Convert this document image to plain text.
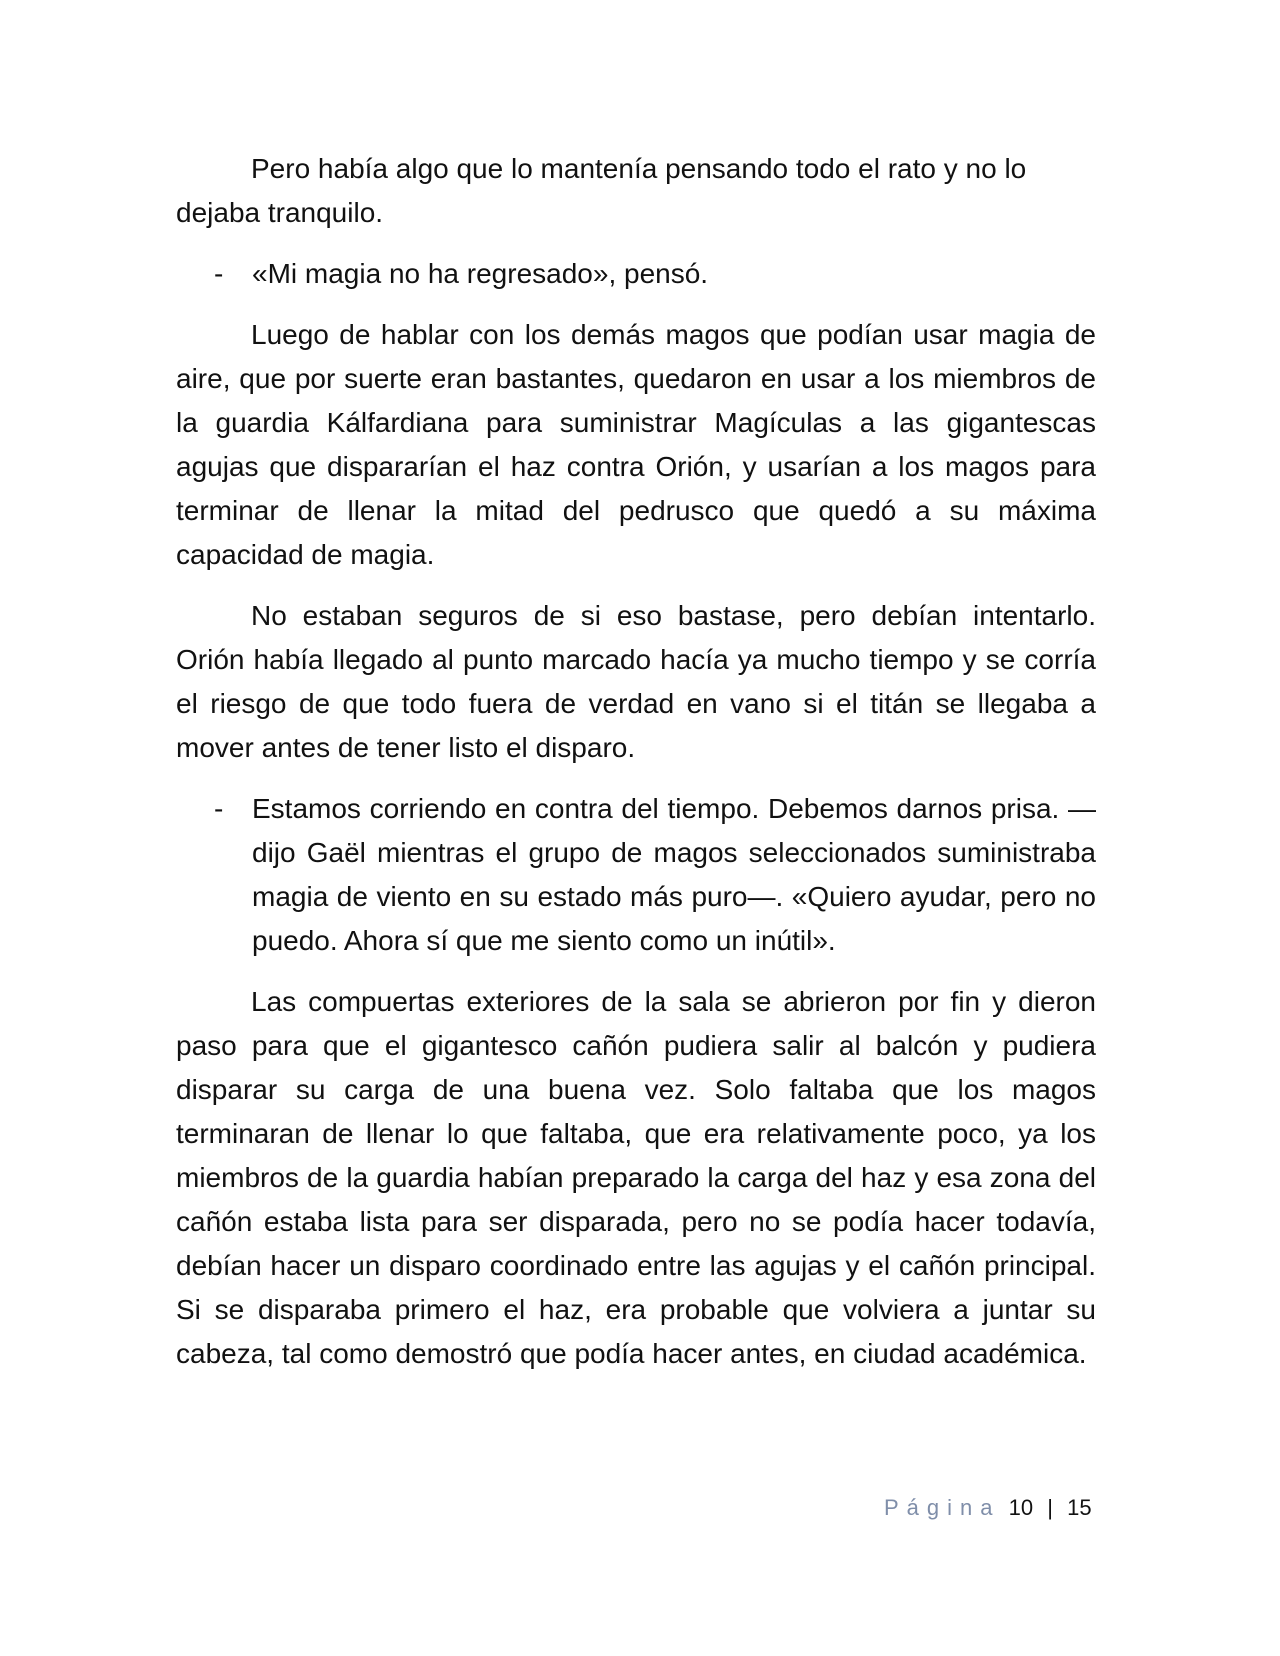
Pero había algo que lo mantenía pensando todo el rato y no lo dejaba tranquilo.

- «Mi magia no ha regresado», pensó.

Luego de hablar con los demás magos que podían usar magia de aire, que por suerte eran bastantes, quedaron en usar a los miembros de la guardia Kálfardiana para suministrar Magículas a las gigantescas agujas que dispararían el haz contra Orión, y usarían a los magos para terminar de llenar la mitad del pedrusco que quedó a su máxima capacidad de magia.

No estaban seguros de si eso bastase, pero debían intentarlo. Orión había llegado al punto marcado hacía ya mucho tiempo y se corría el riesgo de que todo fuera de verdad en vano si el titán se llegaba a mover antes de tener listo el disparo.

- Estamos corriendo en contra del tiempo. Debemos darnos prisa. —dijo Gaël mientras el grupo de magos seleccionados suministraba magia de viento en su estado más puro—. «Quiero ayudar, pero no puedo. Ahora sí que me siento como un inútil».

Las compuertas exteriores de la sala se abrieron por fin y dieron paso para que el gigantesco cañón pudiera salir al balcón y pudiera disparar su carga de una buena vez. Solo faltaba que los magos terminaran de llenar lo que faltaba, que era relativamente poco, ya los miembros de la guardia habían preparado la carga del haz y esa zona del cañón estaba lista para ser disparada, pero no se podía hacer todavía, debían hacer un disparo coordinado entre las agujas y el cañón principal. Si se disparaba primero el haz, era probable que volviera a juntar su cabeza, tal como demostró que podía hacer antes, en ciudad académica.

Página 10 | 15
